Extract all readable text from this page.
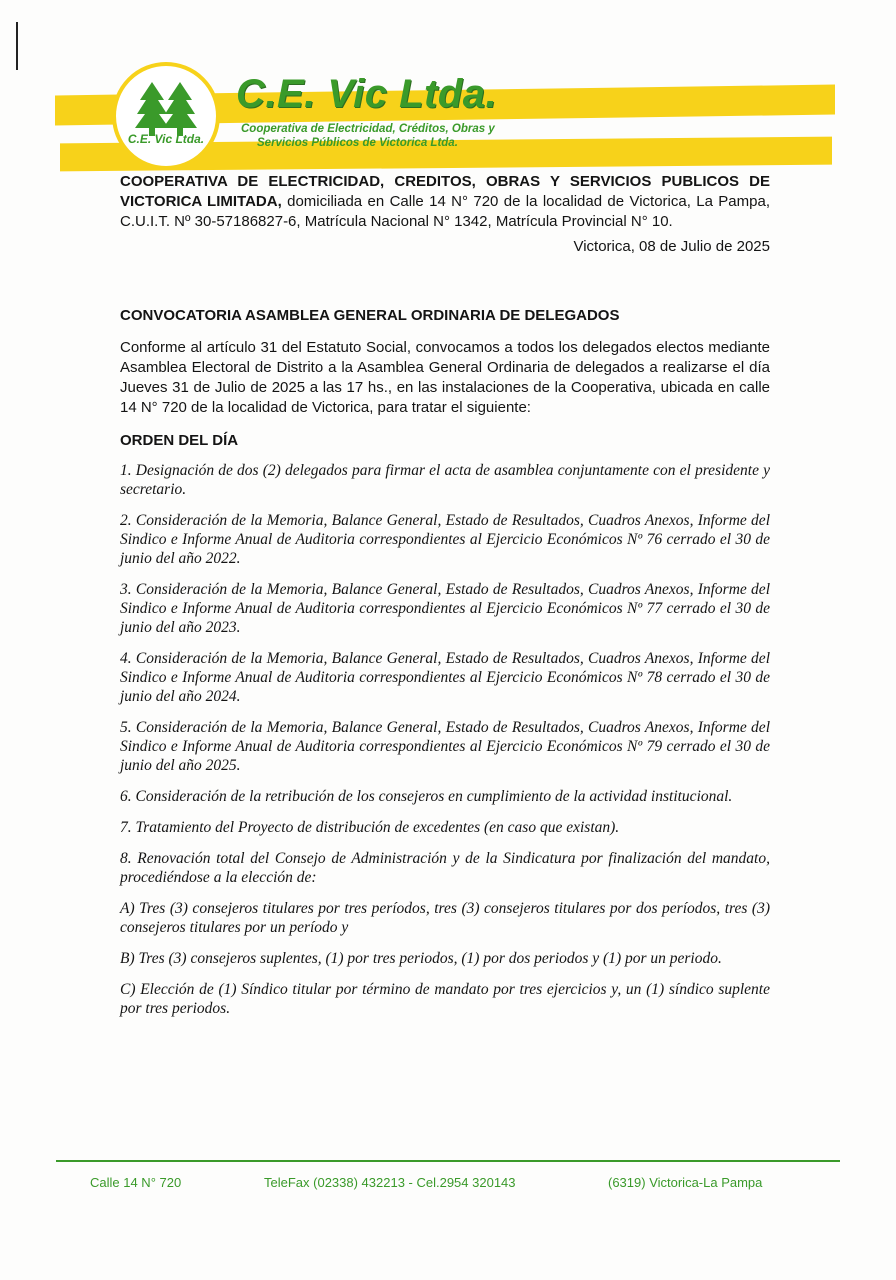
C.E. Vic Ltda.
C.E. Vic Ltda.
Cooperativa de Electricidad, Créditos, Obras y
Servicios Públicos de Victorica Ltda.

COOPERATIVA DE ELECTRICIDAD, CREDITOS, OBRAS Y SERVICIOS PUBLICOS DE VICTORICA LIMITADA, domiciliada en Calle 14 N° 720 de la localidad de Victorica, La Pampa, C.U.I.T. Nº 30-57186827-6, Matrícula Nacional N° 1342, Matrícula Provincial N° 10.

Victorica, 08 de Julio de 2025

CONVOCATORIA ASAMBLEA GENERAL ORDINARIA DE DELEGADOS

Conforme al artículo 31 del Estatuto Social, convocamos a todos los delegados electos mediante Asamblea Electoral de Distrito a la Asamblea General Ordinaria de delegados a realizarse el día Jueves 31 de Julio de 2025 a las 17 hs., en las instalaciones de la Cooperativa, ubicada en calle 14 N° 720 de la localidad de Victorica, para tratar el siguiente:

ORDEN DEL DÍA

1. Designación de dos (2) delegados para firmar el acta de asamblea conjuntamente con el presidente y secretario.

2. Consideración de la Memoria, Balance General, Estado de Resultados, Cuadros Anexos, Informe del Sindico e Informe Anual de Auditoria correspondientes al Ejercicio Económicos Nº 76 cerrado el 30 de junio del año 2022.

3. Consideración de la Memoria, Balance General, Estado de Resultados, Cuadros Anexos, Informe del Sindico e Informe Anual de Auditoria correspondientes al Ejercicio Económicos Nº 77 cerrado el 30 de junio del año 2023.

4. Consideración de la Memoria, Balance General, Estado de Resultados, Cuadros Anexos, Informe del Sindico e Informe Anual de Auditoria correspondientes al Ejercicio Económicos Nº 78 cerrado el 30 de junio del año 2024.

5. Consideración de la Memoria, Balance General, Estado de Resultados, Cuadros Anexos, Informe del Sindico e Informe Anual de Auditoria correspondientes al Ejercicio Económicos Nº 79 cerrado el 30 de junio del año 2025.

6. Consideración de la retribución de los consejeros en cumplimiento de la actividad institucional.

7. Tratamiento del Proyecto de distribución de excedentes (en caso que existan).

8. Renovación total del Consejo de Administración y de la Sindicatura por finalización del mandato, procediéndose a la elección de:

A) Tres (3) consejeros titulares por tres períodos, tres (3) consejeros titulares por dos períodos, tres (3) consejeros titulares por un período y

B) Tres (3) consejeros suplentes, (1) por tres periodos, (1) por dos periodos y (1) por un periodo.

C) Elección de (1) Síndico titular por término de mandato por tres ejercicios y, un (1) síndico suplente por tres periodos.

Calle 14 N° 720	TeleFax (02338) 432213 - Cel.2954 320143	(6319) Victorica-La Pampa
